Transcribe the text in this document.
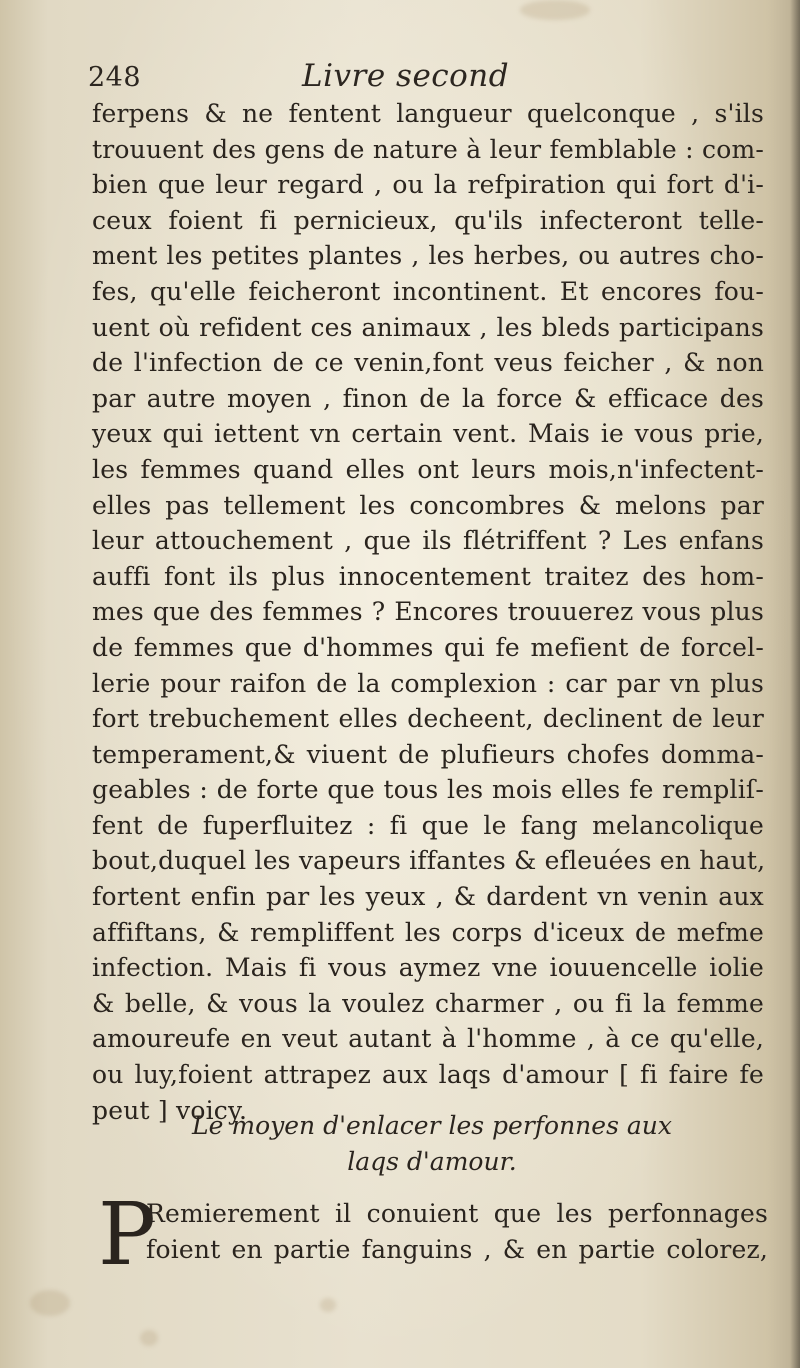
248	Livre second
ferpens & ne fentent langueur quelconque , s'ils
trouuent des gens de nature à leur femblable : com-
bien que leur regard , ou la refpiration qui fort d'i-
ceux foient fi pernicieux, qu'ils infecteront telle-
ment les petites plantes , les herbes, ou autres cho-
fes, qu'elle feicheront incontinent. Et encores fou-
uent où refident ces animaux , les bleds participans
de l'infection de ce venin,font veus feicher , & non
par autre moyen , finon de la force & efficace des
yeux qui iettent vn certain vent. Mais ie vous prie,
les femmes quand elles ont leurs mois,n'infectent-
elles pas tellement les concombres & melons par
leur attouchement , que ils flétriffent ? Les enfans
auffi font ils plus innocentement traitez des hom-
mes que des femmes ? Encores trouuerez vous plus
de femmes que d'hommes qui fe mefient de forcel-
lerie pour raifon de la complexion : car par vn plus
fort trebuchement elles decheent, declinent de leur
temperament,& viuent de plufieurs chofes domma-
geables : de forte que tous les mois elles fe rempliſ-
fent de fuperfluitez : fi que le fang melancolique
bout,duquel les vapeurs iffantes & efleuées en haut,
fortent enfin par les yeux , & dardent vn venin aux
affiftans, & rempliffent les corps d'iceux de mefme
infection. Mais fi vous aymez vne iouuencelle iolie
& belle, & vous la voulez charmer , ou fi la femme
amoureufe en veut autant à l'homme , à ce qu'elle,
ou luy,foient attrapez aux laqs d'amour [ fi faire fe
peut ] voicy.
Le moyen d'enlacer les perfonnes aux
laqs d'amour.
P
Remierement il conuient que les perfonnages
foient en partie fanguins , & en partie colorez,
